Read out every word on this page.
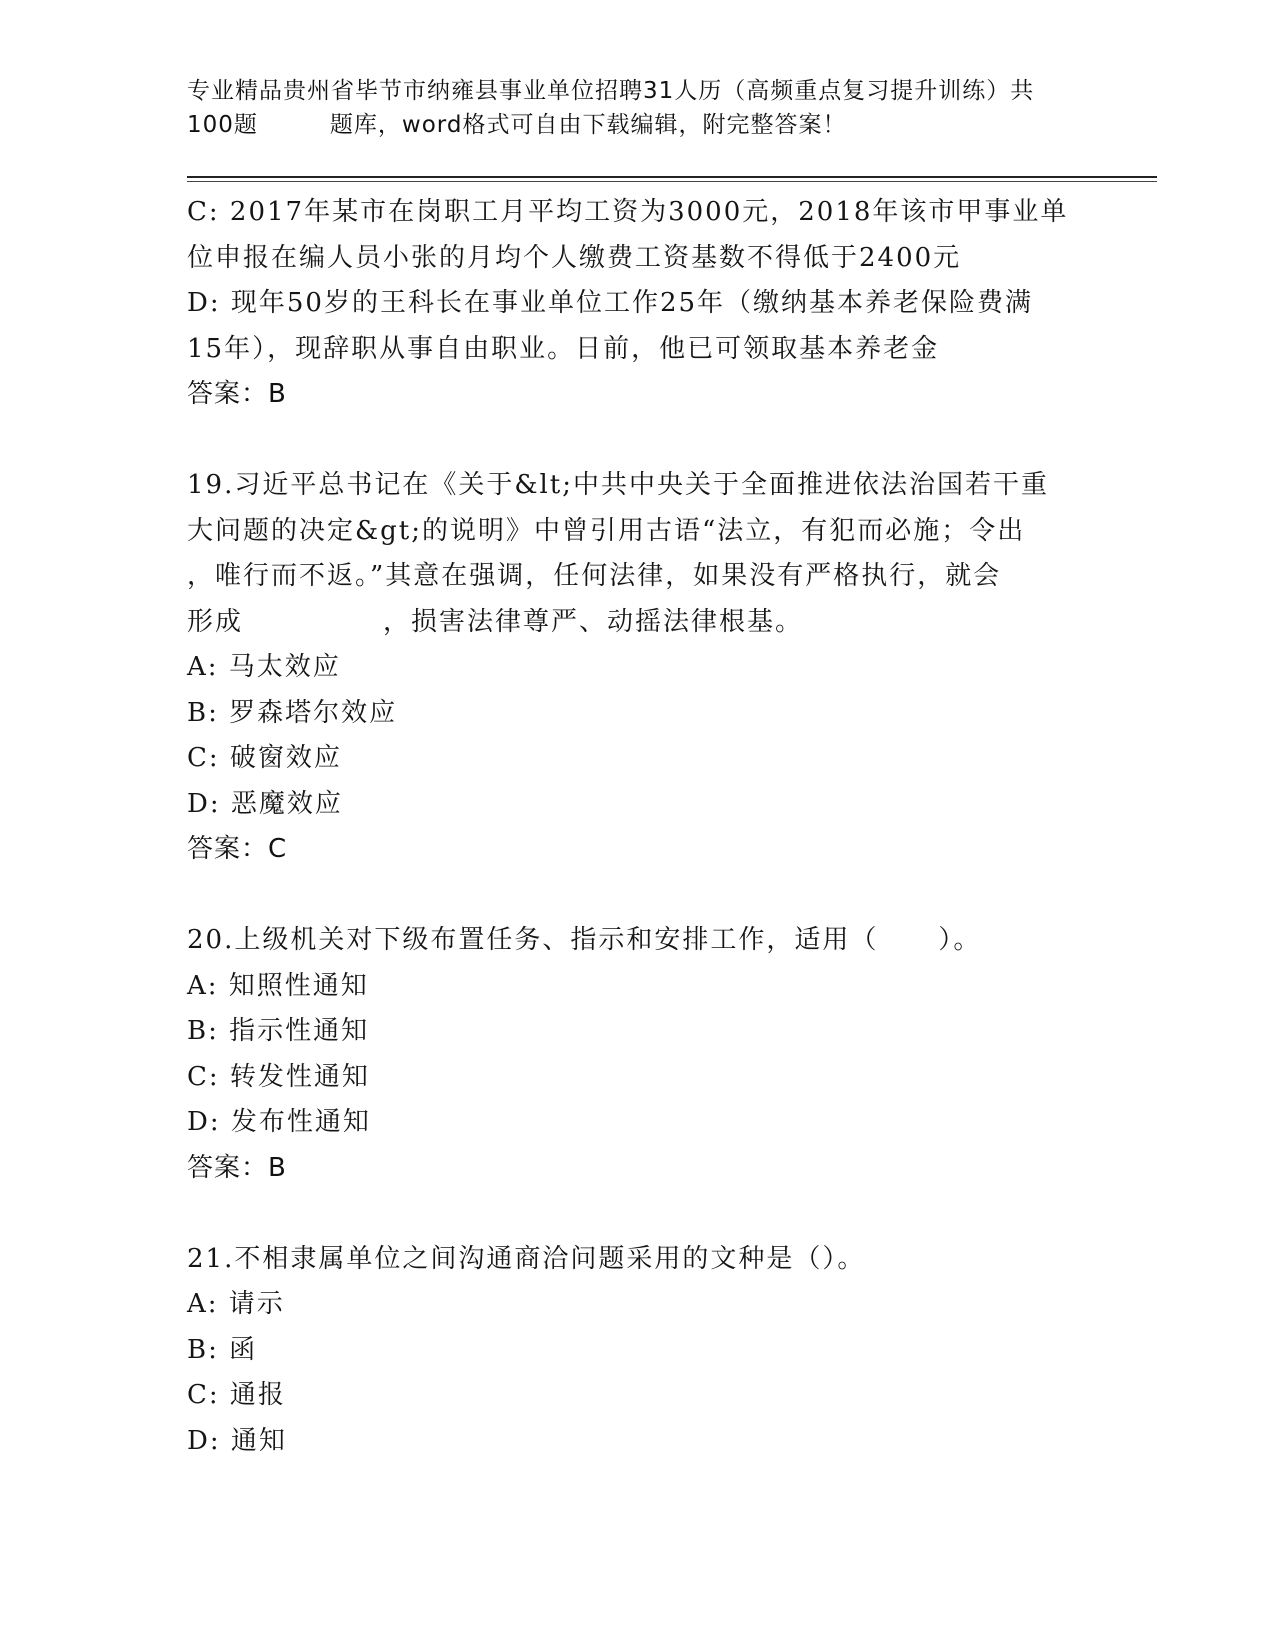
专业精品贵州省毕节市纳雍县事业单位招聘31人历（高频重点复习提升训练）共
100题	题库，word格式可自由下载编辑，附完整答案！
C: 2017年某市在岗职工月平均工资为3000元，2018年该市甲事业单
位申报在编人员小张的月均个人缴费工资基数不得低于2400元
D: 现年50岁的王科长在事业单位工作25年（缴纳基本养老保险费满
15年），现辞职从事自由职业。日前，他已可领取基本养老金
答案：B
19.习近平总书记在《关于&lt;中共中央关于全面推进依法治国若干重
大问题的决定&gt;的说明》中曾引用古语“法立，有犯而必施；令出
，唯行而不返。”其意在强调，任何法律，如果没有严格执行，就会
形成	，损害法律尊严、动摇法律根基。
A: 马太效应
B: 罗森塔尔效应
C: 破窗效应
D: 恶魔效应
答案：C
20.上级机关对下级布置任务、指示和安排工作，适用（ ）。
A: 知照性通知
B: 指示性通知
C: 转发性通知
D: 发布性通知
答案：B
21.不相隶属单位之间沟通商洽问题采用的文种是（）。
A: 请示
B: 函
C: 通报
D: 通知
